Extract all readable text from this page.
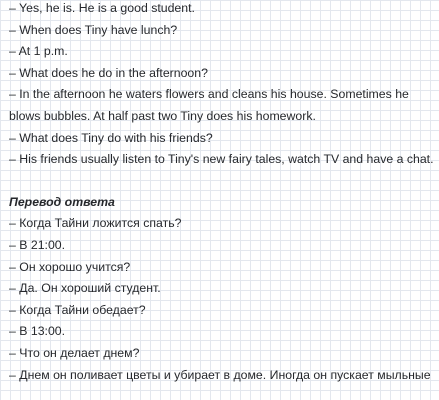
– Yes, he is. He is a good student.

– When does Tiny have lunch?

– At 1 p.m.

– What does he do in the afternoon?

– In the afternoon he waters flowers and cleans his house. Sometimes he blows bubbles. At half past two Tiny does his homework.

– What does Tiny do with his friends?

– His friends usually listen to Tiny's new fairy tales, watch TV and have a chat.

Перевод ответа

– Когда Тайни ложится спать?

– В 21:00.

– Он хорошо учится?

– Да. Он хороший студент.

– Когда Тайни обедает?

– В 13:00.

– Что он делает днем?

– Днем он поливает цветы и убирает в доме. Иногда он пускает мыльные
